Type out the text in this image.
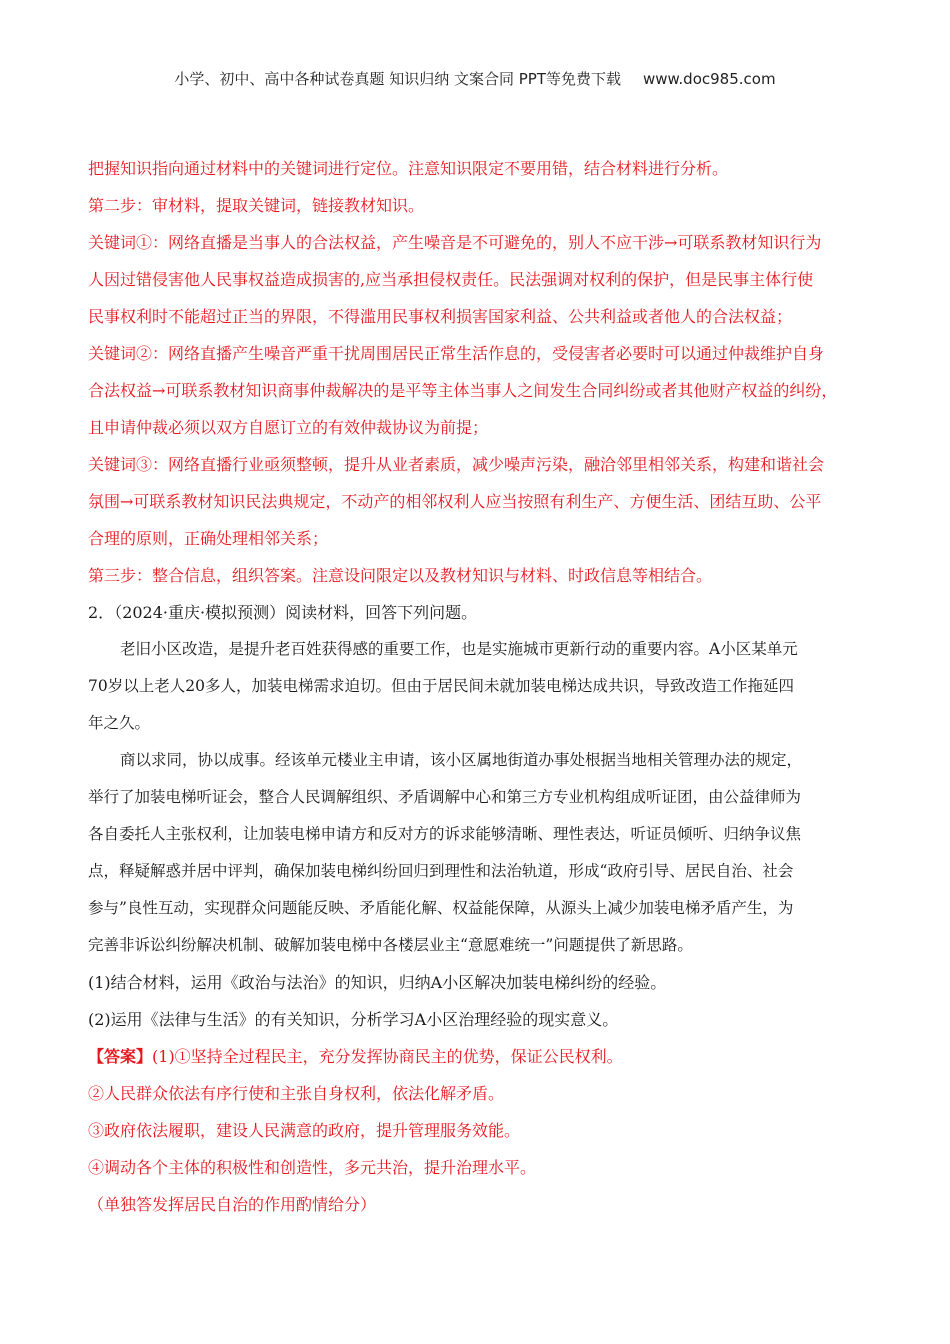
小学、初中、高中各种试卷真题 知识归纳 文案合同 PPT等免费下载 www.doc985.com
把握知识指向通过材料中的关键词进行定位。注意知识限定不要用错，结合材料进行分析。
第二步：审材料，提取关键词，链接教材知识。
关键词①：网络直播是当事人的合法权益，产生噪音是不可避免的，别人不应干涉→可联系教材知识行为
人因过错侵害他人民事权益造成损害的,应当承担侵权责任。民法强调对权利的保护，但是民事主体行使
民事权利时不能超过正当的界限，不得滥用民事权利损害国家利益、公共利益或者他人的合法权益；
关键词②：网络直播产生噪音严重干扰周围居民正常生活作息的，受侵害者必要时可以通过仲裁维护自身
合法权益→可联系教材知识商事仲裁解决的是平等主体当事人之间发生合同纠纷或者其他财产权益的纠纷，
且申请仲裁必须以双方自愿订立的有效仲裁协议为前提；
关键词③：网络直播行业亟须整顿，提升从业者素质，减少噪声污染，融洽邻里相邻关系，构建和谐社会
氛围→可联系教材知识民法典规定，不动产的相邻权利人应当按照有利生产、方便生活、团结互助、公平
合理的原则，正确处理相邻关系；
第三步：整合信息，组织答案。注意设问限定以及教材知识与材料、时政信息等相结合。
2．（2024·重庆·模拟预测）阅读材料，回答下列问题。
老旧小区改造，是提升老百姓获得感的重要工作，也是实施城市更新行动的重要内容。A小区某单元
70岁以上老人20多人，加装电梯需求迫切。但由于居民间未就加装电梯达成共识，导致改造工作拖延四
年之久。
商以求同，协以成事。经该单元楼业主申请，该小区属地街道办事处根据当地相关管理办法的规定，
举行了加装电梯听证会，整合人民调解组织、矛盾调解中心和第三方专业机构组成听证团，由公益律师为
各自委托人主张权利，让加装电梯申请方和反对方的诉求能够清晰、理性表达，听证员倾听、归纳争议焦
点，释疑解惑并居中评判，确保加装电梯纠纷回归到理性和法治轨道，形成“政府引导、居民自治、社会
参与”良性互动，实现群众问题能反映、矛盾能化解、权益能保障，从源头上减少加装电梯矛盾产生，为
完善非诉讼纠纷解决机制、破解加装电梯中各楼层业主“意愿难统一”问题提供了新思路。
(1)结合材料，运用《政治与法治》的知识，归纳A小区解决加装电梯纠纷的经验。
(2)运用《法律与生活》的有关知识，分析学习A小区治理经验的现实意义。
【答案】(1)①坚持全过程民主，充分发挥协商民主的优势，保证公民权利。
②人民群众依法有序行使和主张自身权利，依法化解矛盾。
③政府依法履职，建设人民满意的政府，提升管理服务效能。
④调动各个主体的积极性和创造性，多元共治，提升治理水平。
（单独答发挥居民自治的作用酌情给分）
